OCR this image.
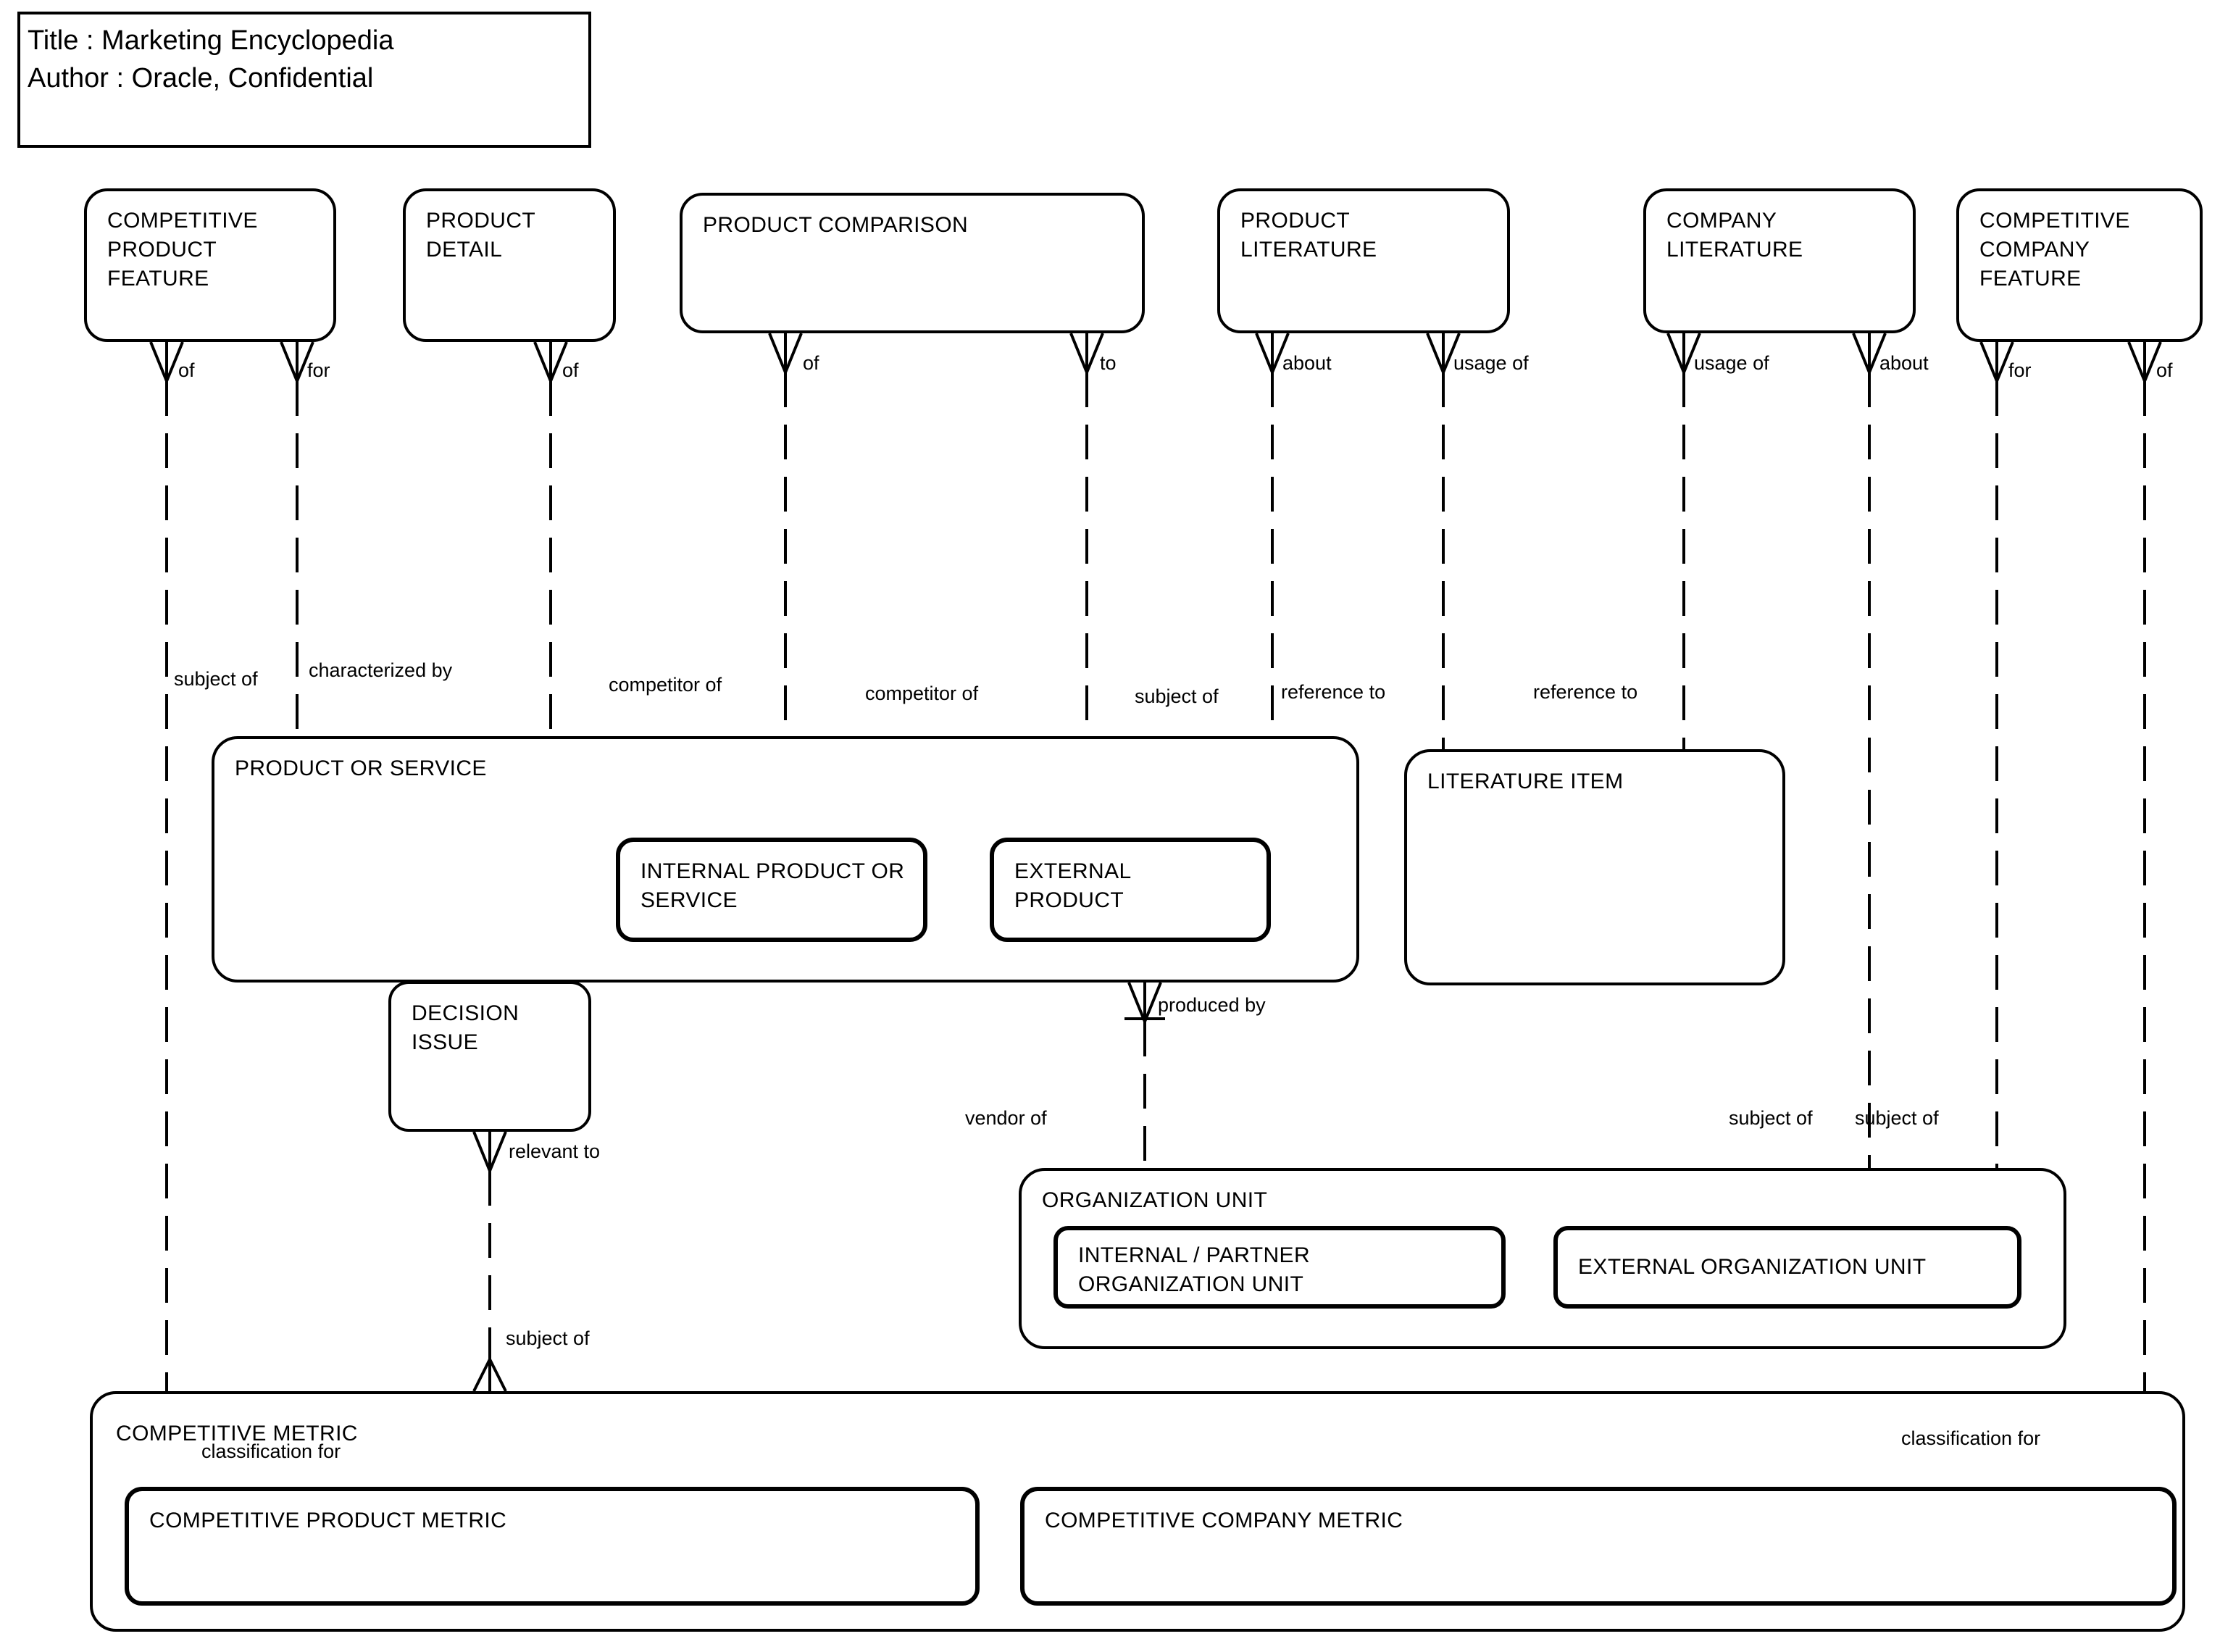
Title : Marketing Encyclopedia
Author : Oracle, Confidential
COMPETITIVE PRODUCT FEATURE
PRODUCT DETAIL
PRODUCT COMPARISON	PRODUCT LITERATURE
COMPANY LITERATURE
COMPETITIVE COMPANY FEATURE
PRODUCT OR SERVICE
INTERNAL PRODUCT OR SERVICE
EXTERNAL PRODUCT
LITERATURE ITEM
DECISION ISSUE
ORGANIZATION UNIT
INTERNAL / PARTNER ORGANIZATION UNIT
EXTERNAL ORGANIZATION UNIT
COMPETITIVE METRIC
COMPETITIVE PRODUCT METRIC	COMPETITIVE COMPANY METRIC
of	for	of	of	to	about	usage of	usage of	about	for	of
subject of	characterized by
competitor of	competitor of	subject of	reference to	reference to
produced by
vendor of	subject of	subject of
relevant to
subject of
classification for
classification for
